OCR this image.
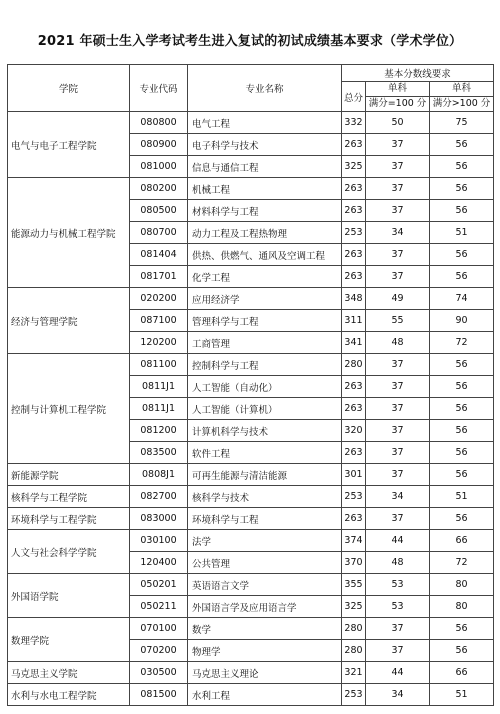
2021 年硕士生入学考试考生进入复试的初试成绩基本要求（学术学位）
学院	专业代码	专业名称	基本分数线要求		
			总分	单科	单科
				满分=100 分	满分>100 分
电气与电子工程学院	080800	电气工程	332	50	75
	080900	电子科学与技术	263	37	56
	081000	信息与通信工程	325	37	56
能源动力与机械工程学院	080200	机械工程	263	37	56
	080500	材料科学与工程	263	37	56
	080700	动力工程及工程热物理	253	34	51
	081404	供热、供燃气、通风及空调工程	263	37	56
	081701	化学工程	263	37	56
经济与管理学院	020200	应用经济学	348	49	74
	087100	管理科学与工程	311	55	90
	120200	工商管理	341	48	72
控制与计算机工程学院	081100	控制科学与工程	280	37	56
	0811J1	人工智能（自动化）	263	37	56
	0811J1	人工智能（计算机）	263	37	56
	081200	计算机科学与技术	320	37	56
	083500	软件工程	263	37	56
新能源学院	0808J1	可再生能源与清洁能源	301	37	56
核科学与工程学院	082700	核科学与技术	253	34	51
环境科学与工程学院	083000	环境科学与工程	263	37	56
人文与社会科学学院	030100	法学	374	44	66
	120400	公共管理	370	48	72
外国语学院	050201	英语语言文学	355	53	80
	050211	外国语言学及应用语言学	325	53	80
数理学院	070100	数学	280	37	56
	070200	物理学	280	37	56
马克思主义学院	030500	马克思主义理论	321	44	66
水利与水电工程学院	081500	水利工程	253	34	51
